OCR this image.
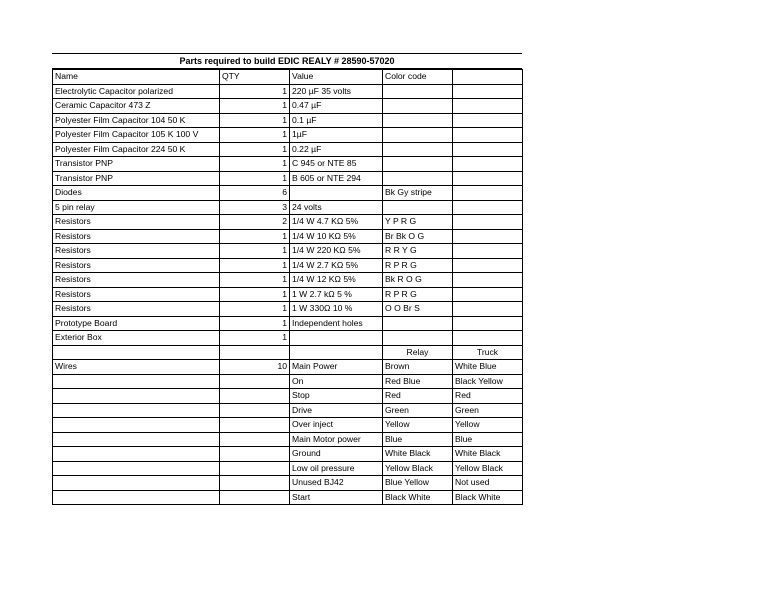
Parts required to build EDIC REALY # 28590-57020
Name	QTY	Value	Color code	
Electrolytic Capacitor polarized	1	220 µF 35 volts		
Ceramic Capacitor 473 Z	1	0.47 µF		
Polyester Film Capacitor 104 50 K	1	0.1 µF		
Polyester Film Capacitor 105 K 100 V	1	1µF		
Polyester Film Capacitor 224 50 K	1	0.22 µF		
Transistor PNP	1	C 945 or NTE 85		
Transistor PNP	1	B 605 or NTE 294		
Diodes	6		Bk Gy stripe	
5 pin relay	3	24 volts		
Resistors	2	1/4 W 4.7 KΩ 5%	Y P R G	
Resistors	1	1/4 W 10 KΩ 5%	Br Bk O G	
Resistors	1	1/4 W 220 KΩ 5%	R R Y G	
Resistors	1	1/4 W 2.7 KΩ 5%	R P R G	
Resistors	1	1/4 W 12 KΩ 5%	Bk R O G	
Resistors	1	1 W 2.7 kΩ 5 %	R P R G	
Resistors	1	1 W 330Ω 10 %	O O Br S	
Prototype Board	1	Independent holes		
Exterior Box	1			
			Relay	Truck
Wires	10	Main Power	Brown	White Blue
		On	Red Blue	Black Yellow
		Stop	Red	Red
		Drive	Green	Green
		Over inject	Yellow	Yellow
		Main Motor power	Blue	Blue
		Ground	White Black	White Black
		Low oil pressure	Yellow Black	Yellow Black
		Unused BJ42	Blue Yellow	Not used
		Start	Black White	Black White
